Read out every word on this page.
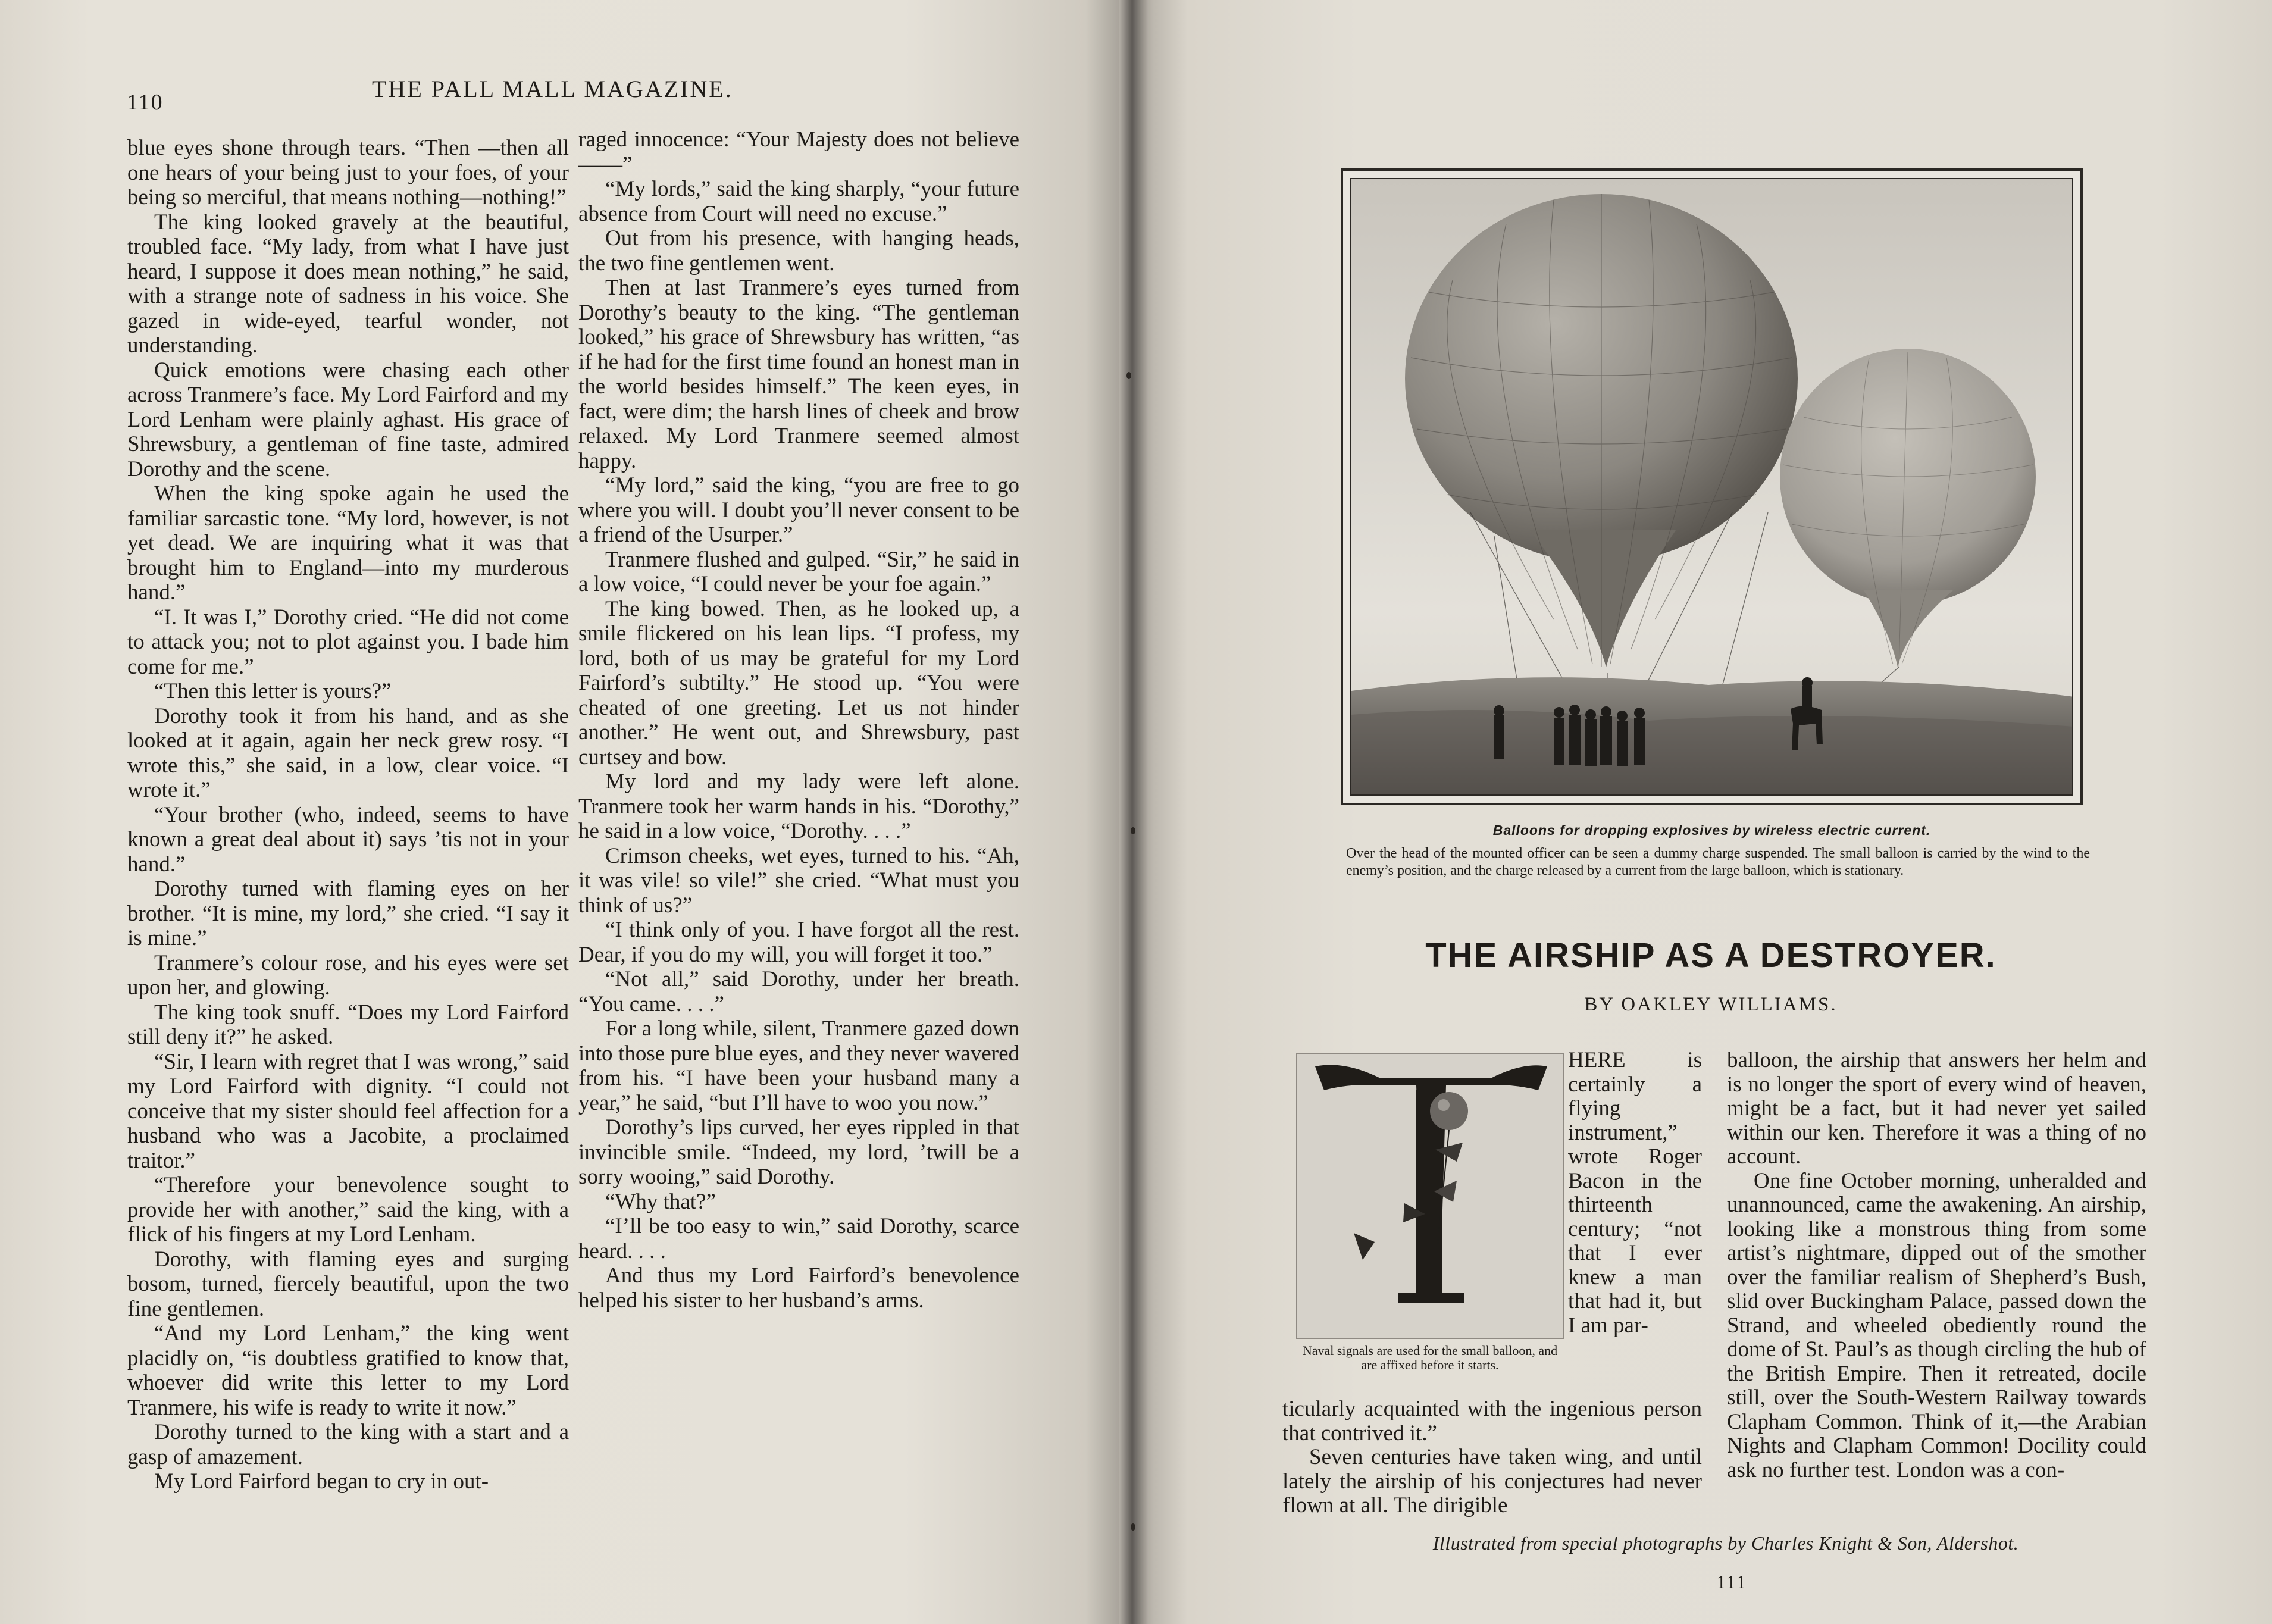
110	THE PALL MALL MAGAZINE.

blue eyes shone through tears. “Then —then all one hears of your being just to your foes, of your being so merciful, that means nothing—nothing!”

The king looked gravely at the beautiful, troubled face. “My lady, from what I have just heard, I suppose it does mean nothing,” he said, with a strange note of sadness in his voice. She gazed in wide-eyed, tearful wonder, not understanding.

Quick emotions were chasing each other across Tranmere’s face. My Lord Fairford and my Lord Lenham were plainly aghast. His grace of Shrewsbury, a gentleman of fine taste, admired Dorothy and the scene.

When the king spoke again he used the familiar sarcastic tone. “My lord, however, is not yet dead. We are inquiring what it was that brought him to England—into my murderous hand.”

“I. It was I,” Dorothy cried. “He did not come to attack you; not to plot against you. I bade him come for me.”

“Then this letter is yours?”

Dorothy took it from his hand, and as she looked at it again, again her neck grew rosy. “I wrote this,” she said, in a low, clear voice. “I wrote it.”

“Your brother (who, indeed, seems to have known a great deal about it) says ’tis not in your hand.”

Dorothy turned with flaming eyes on her brother. “It is mine, my lord,” she cried. “I say it is mine.”

Tranmere’s colour rose, and his eyes were set upon her, and glowing.

The king took snuff. “Does my Lord Fairford still deny it?” he asked.

“Sir, I learn with regret that I was wrong,” said my Lord Fairford with dignity. “I could not conceive that my sister should feel affection for a husband who was a Jacobite, a proclaimed traitor.”

“Therefore your benevolence sought to provide her with another,” said the king, with a flick of his fingers at my Lord Lenham.

Dorothy, with flaming eyes and surging bosom, turned, fiercely beautiful, upon the two fine gentlemen.

“And my Lord Lenham,” the king went placidly on, “is doubtless gratified to know that, whoever did write this letter to my Lord Tranmere, his wife is ready to write it now.”

Dorothy turned to the king with a start and a gasp of amazement.

My Lord Fairford began to cry in out-

raged innocence: “Your Majesty does not believe——”

“My lords,” said the king sharply, “your future absence from Court will need no excuse.”

Out from his presence, with hanging heads, the two fine gentlemen went.

Then at last Tranmere’s eyes turned from Dorothy’s beauty to the king. “The gentleman looked,” his grace of Shrewsbury has written, “as if he had for the first time found an honest man in the world besides himself.” The keen eyes, in fact, were dim; the harsh lines of cheek and brow relaxed. My Lord Tranmere seemed almost happy.

“My lord,” said the king, “you are free to go where you will. I doubt you’ll never consent to be a friend of the Usurper.”

Tranmere flushed and gulped. “Sir,” he said in a low voice, “I could never be your foe again.”

The king bowed. Then, as he looked up, a smile flickered on his lean lips. “I profess, my lord, both of us may be grateful for my Lord Fairford’s subtilty.” He stood up. “You were cheated of one greeting. Let us not hinder another.” He went out, and Shrewsbury, past curtsey and bow.

My lord and my lady were left alone. Tranmere took her warm hands in his. “Dorothy,” he said in a low voice, “Dorothy. . . .”

Crimson cheeks, wet eyes, turned to his. “Ah, it was vile! so vile!” she cried. “What must you think of us?”

“I think only of you. I have forgot all the rest. Dear, if you do my will, you will forget it too.”

“Not all,” said Dorothy, under her breath. “You came. . . .”

For a long while, silent, Tranmere gazed down into those pure blue eyes, and they never wavered from his. “I have been your husband many a year,” he said, “but I’ll have to woo you now.”

Dorothy’s lips curved, her eyes rippled in that invincible smile. “Indeed, my lord, ’twill be a sorry wooing,” said Dorothy.

“Why that?”

“I’ll be too easy to win,” said Dorothy, scarce heard. . . .

And thus my Lord Fairford’s benevolence helped his sister to her husband’s arms.

Balloons for dropping explosives by wireless electric current.
Over the head of the mounted officer can be seen a dummy charge suspended. The small balloon is carried by the wind to the enemy’s position, and the charge released by a current from the large balloon, which is stationary.
THE AIRSHIP AS A DESTROYER.
BY OAKLEY WILLIAMS.
Naval signals are used for the small balloon, and are affixed before it starts.

HERE is certainly a flying instrument,” wrote Roger Bacon in the thirteenth century; “not that I ever knew a man that had it, but I am par-

ticularly acquainted with the ingenious person that contrived it.”

Seven centuries have taken wing, and until lately the airship of his conjectures had never flown at all. The dirigible

balloon, the airship that answers her helm and is no longer the sport of every wind of heaven, might be a fact, but it had never yet sailed within our ken. Therefore it was a thing of no account.

One fine October morning, unheralded and unannounced, came the awakening. An airship, looking like a monstrous thing from some artist’s nightmare, dipped out of the smother over the familiar realism of Shepherd’s Bush, slid over Buckingham Palace, passed down the Strand, and wheeled obediently round the dome of St. Paul’s as though circling the hub of the British Empire. Then it retreated, docile still, over the South-Western Railway towards Clapham Common. Think of it,—the Arabian Nights and Clapham Common! Docility could ask no further test. London was a con-

Illustrated from special photographs by Charles Knight & Son, Aldershot.
111
